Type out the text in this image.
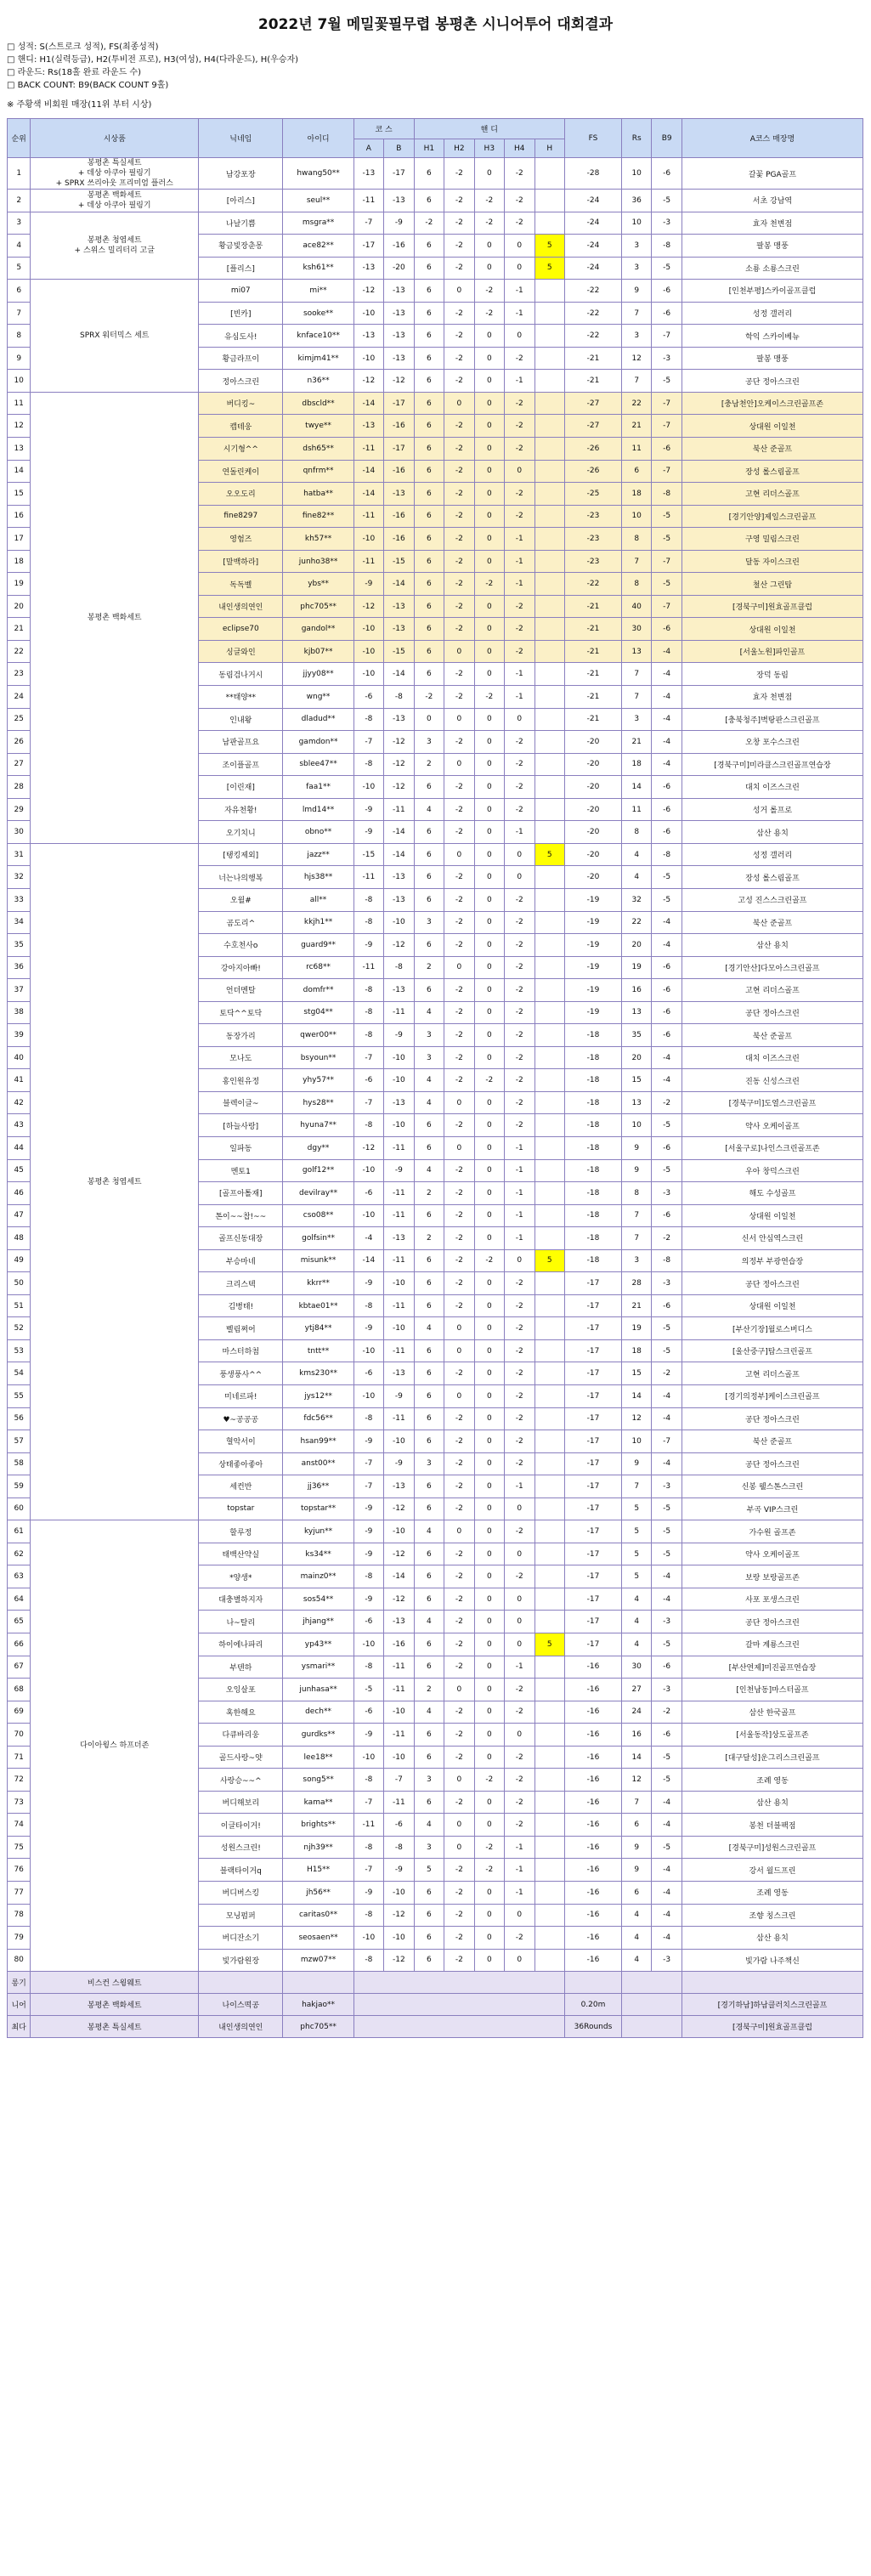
2022년 7월 메밀꽃필무렵 봉평촌 시니어투어 대회결과
□ 성적: S(스트로크 성적), FS(최종성적)
□ 핸디: H1(실력등급), H2(투비전 프로), H3(여성), H4(다라운드), H(우승자)
□ 라운드: Rs(18홀 완료 라운드 수)
□ BACK COUNT: B9(BACK COUNT 9홀)
※ 주황색 비회원 매장(11위 부터 시상)
순위	시상품	닉네임	아이디	코 스		핸 디					FS	Rs	B9	A코스 매장명
				A	B	H1	H2	H3	H4	H				
1	봉평촌 특실세트
+ 데상 아쿠아 필링기
+ SPRX 쓰리아웃 프리미엄 플러스	남강포장	hwang50**	-13	-17	6	-2	0	-2		-28	10	-6	갈꽃 PGA골프
2	봉평촌 백화세트
+ 데상 아쿠아 필링기	[아리스]	seul**	-11	-13	6	-2	-2	-2		-24	36	-5	서초 강남역
3	봉평촌 청엽세트
+ 스위스 밀리터리 고글	나날기쁨	msgra**	-7	-9	-2	-2	-2	-2		-24	10	-3	효자 천변점
4		황금빛장춘몽	ace82**	-17	-16	6	-2	0	0	5	-24	3	-8	팔봉 맹풍
5		[플리스]	ksh61**	-13	-20	6	-2	0	0	5	-24	3	-5	소룡 소룡스크린
6	SPRX 워터믹스 세트	mi07	mi**	-12	-13	6	0	-2	-1		-22	9	-6	[인천부평]스카이골프클럽
7		[빈카]	sooke**	-10	-13	6	-2	-2	-1		-22	7	-6	성정 갤러리
8		유심도사!	knface10**	-13	-13	6	-2	0	0		-22	3	-7	학익 스카이베뉴
9		황금라프이	kimjm41**	-10	-13	6	-2	0	-2		-21	12	-3	팔봉 맹풍
10		정아스크린	n36**	-12	-12	6	-2	0	-1		-21	7	-5	공단 정아스크린
11	봉평촌 백화세트	버디킹~	dbscld**	-14	-17	6	0	0	-2		-27	22	-7	[충남천안]오케이스크린골프존
12		캡테웅	twye**	-13	-16	6	-2	0	-2		-27	21	-7	상대원 이일천
13		시기형^^	dsh65**	-11	-17	6	-2	0	-2		-26	11	-6	북산 준골프
14		연돌린케이	qnfrm**	-14	-16	6	-2	0	0		-26	6	-7	장성 롤스림골프
15		오오도리	hatba**	-14	-13	6	-2	0	-2		-25	18	-8	고현 리더스골프
16		fine8297	fine82**	-11	-16	6	-2	0	-2		-23	10	-5	[경기안양]제일스크린골프
17		영험즈	kh57**	-10	-16	6	-2	0	-1		-23	8	-5	구영 밀림스크린
18		[말백하라]	junho38**	-11	-15	6	-2	0	-1		-23	7	-7	달동 자이스크린
19		독독벨	ybs**	-9	-14	6	-2	-2	-1		-22	8	-5	철산 그린탑
20		내인생의연인	phc705**	-12	-13	6	-2	0	-2		-21	40	-7	[경북구미]원효골프클럽
21		eclipse70	gandol**	-10	-13	6	-2	0	-2		-21	30	-6	상대원 이일천
22		싱글와인	kjb07**	-10	-15	6	0	0	-2		-21	13	-4	[서울노원]파인골프
23		동림검나거시	jjyy08**	-10	-14	6	-2	0	-1		-21	7	-4	장덕 동림
24		**태양**	wng**	-6	-8	-2	-2	-2	-1		-21	7	-4	효자 천변점
25		인내왕	dladud**	-8	-13	0	0	0	0		-21	3	-4	[충북청주]벽탕판스크린골프
26		남판골프요	gamdon**	-7	-12	3	-2	0	-2		-20	21	-4	오창 포수스크린
27		조이플골프	sblee47**	-8	-12	2	0	0	-2		-20	18	-4	[경북구미]미라클스크린골프연습장
28		[이린재]	faa1**	-10	-12	6	-2	0	-2		-20	14	-6	대치 이즈스크린
29		자유천황!	lmd14**	-9	-11	4	-2	0	-2		-20	11	-6	성거 롤프로
30		오기치니	obno**	-9	-14	6	-2	0	-1		-20	8	-6	삼산 용치
31	봉평촌 청엽세트	[탱킹제외]	jazz**	-15	-14	6	0	0	0	5	-20	4	-8	성정 갤러리
32		너는나의행복	hjs38**	-11	-13	6	-2	0	0		-20	4	-5	장성 롤스림골프
33		오월#	all**	-8	-13	6	-2	0	-2		-19	32	-5	고성 진스스크린골프
34		곰도리^	kkjh1**	-8	-10	3	-2	0	-2		-19	22	-4	북산 준골프
35		수호천사o	guard9**	-9	-12	6	-2	0	-2		-19	20	-4	삼산 용치
36		강아지아빠!	rc68**	-11	-8	2	0	0	-2		-19	19	-6	[경기안산]다모아스크린골프
37		언더멘탈	domfr**	-8	-13	6	-2	0	-2		-19	16	-6	고현 리더스골프
38		토닥^^토닥	stg04**	-8	-11	4	-2	0	-2		-19	13	-6	공단 정아스크린
39		동장가리	qwer00**	-8	-9	3	-2	0	-2		-18	35	-6	북산 준골프
40		모나도	bsyoun**	-7	-10	3	-2	0	-2		-18	20	-4	대치 이즈스크린
41		홍인원유정	yhy57**	-6	-10	4	-2	-2	-2		-18	15	-4	진동 신성스크린
42		블렉이글~	hys28**	-7	-13	4	0	0	-2		-18	13	-2	[경북구미]도열스크린골프
43		[하늘사랑]	hyuna7**	-8	-10	6	-2	0	-2		-18	10	-5	약사 오케이골프
44		일파동	dgy**	-12	-11	6	0	0	-1		-18	9	-6	[서울구로]나인스크린골프존
45		멘토1	golf12**	-10	-9	4	-2	0	-1		-18	9	-5	우아 창덕스크린
46		[골프아톨재]	devilray**	-6	-11	2	-2	0	-1		-18	8	-3	해도 수성골프
47		톤이~~찹!~~	cso08**	-10	-11	6	-2	0	-1		-18	7	-6	상대원 이일천
48		골프신동대장	golfsin**	-4	-13	2	-2	0	-1		-18	7	-2	신서 안심역스크린
49		부승마네	misunk**	-14	-11	6	-2	-2	0	5	-18	3	-8	의정부 부광연습장
50		크리스텍	kkrr**	-9	-10	6	-2	0	-2		-17	28	-3	공단 정아스크린
51		김병태!	kbtae01**	-8	-11	6	-2	0	-2		-17	21	-6	상대원 이일천
52		벨림쩌어	ytj84**	-9	-10	4	0	0	-2		-17	19	-5	[부산기장]월로스버디스
53		마스터하첨	tntt**	-10	-11	6	0	0	-2		-17	18	-5	[울산중구]탑스크린골프
54		풍생풍사^^	kms230**	-6	-13	6	-2	0	-2		-17	15	-2	고현 리더스골프
55		미네르파!	jys12**	-10	-9	6	0	0	-2		-17	14	-4	[경기의정부]케이스크린골프
56		♥~공공공	fdc56**	-8	-11	6	-2	0	-2		-17	12	-4	공단 정아스크린
57		혈악서이	hsan99**	-9	-10	6	-2	0	-2		-17	10	-7	북산 준골프
58		상태좋아좋아	anst00**	-7	-9	3	-2	0	-2		-17	9	-4	공단 정아스크린
59		세컨반	jj36**	-7	-13	6	-2	0	-1		-17	7	-3	신봉 웰스톤스크린
60		topstar	topstar**	-9	-12	6	-2	0	0		-17	5	-5	부곡 VIP스크린
61	다이아윙스 하프더존	할루정	kyjun**	-9	-10	4	0	0	-2		-17	5	-5	가수원 골프존
62		태백산약실	ks34**	-9	-12	6	-2	0	0		-17	5	-5	약사 오케이골프
63		*양생*	mainz0**	-8	-14	6	-2	0	-2		-17	5	-4	보랑 보랑골프존
64		대충별하지자	sos54**	-9	-12	6	-2	0	0		-17	4	-4	사포 포생스크린
65		나~탈리	jhjang**	-6	-13	4	-2	0	0		-17	4	-3	공단 정아스크린
66		하이에나파리	yp43**	-10	-16	6	-2	0	0	5	-17	4	-5	갈마 계룡스크린
67		부텐하	ysmari**	-8	-11	6	-2	0	-1		-16	30	-6	[부산연제]미진골프연습장
68		오잉살포	junhasa**	-5	-11	2	0	0	-2		-16	27	-3	[인천남동]마스터골프
69		혹한해요	dech**	-6	-10	4	-2	0	-2		-16	24	-2	삼산 한국골프
70		다큐바리웅	gurdks**	-9	-11	6	-2	0	0		-16	16	-6	[서울동작]상도골프존
71		골드사랑~얏	lee18**	-10	-10	6	-2	0	-2		-16	14	-5	[대구달성]운그리스크린골프
72		사랑승~~^	song5**	-8	-7	3	0	-2	-2		-16	12	-5	조례 영동
73		버디해보리	kama**	-7	-11	6	-2	0	-2		-16	7	-4	삼산 용치
74		이글타이거!	brights**	-11	-6	4	0	0	-2		-16	6	-4	봉천 더블팩점
75		성원스크린!	njh39**	-8	-8	3	0	-2	-1		-16	9	-5	[경북구미]성원스크린골프
76		블랙타이거q	H15**	-7	-9	5	-2	-2	-1		-16	9	-4	강서 월드프린
77		버디버스킹	jh56**	-9	-10	6	-2	0	-1		-16	6	-4	조례 영동
78		모닝펌퍼	caritas0**	-8	-12	6	-2	0	0		-16	4	-4	조향 칭스크린
79		버디잔소기	seosaen**	-10	-10	6	-2	0	-2		-16	4	-4	삼산 용치
80		빛가람원장	mzw07**	-8	-12	6	-2	0	0		-16	4	-3	빛가람 나주책신
롱기	비스컨 스윙웨트													
니어	봉평촌 백화세트	나이스떡공	hakjao**								0.20m			[경기하남]하남클러치스크린골프
최다	봉평촌 특실세트	내인생의연인	phc705**								36Rounds			[경북구미]원효골프클럽
